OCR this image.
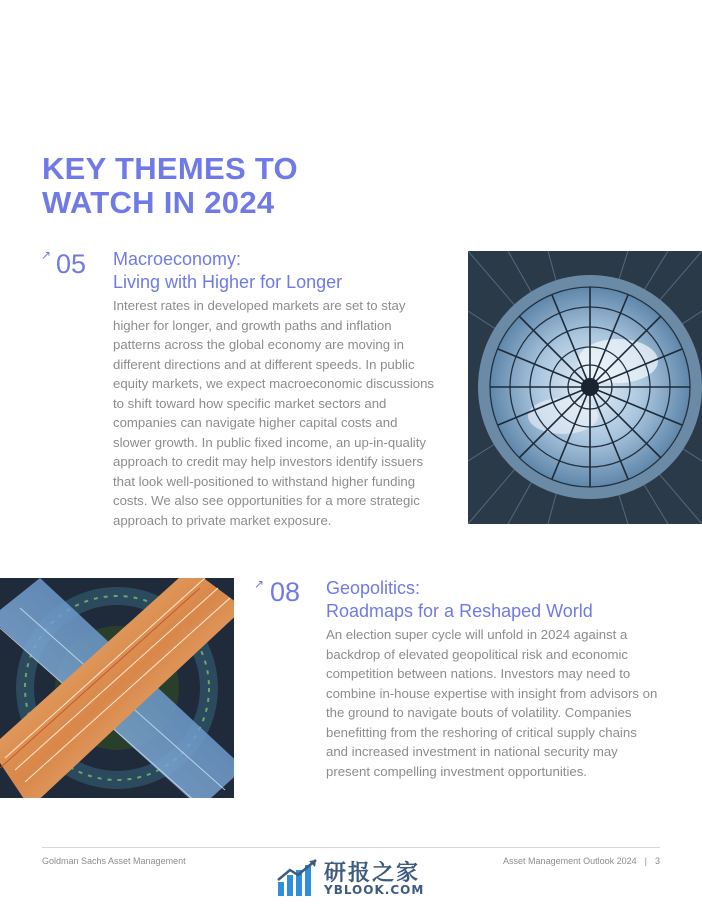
KEY THEMES TO
WATCH IN 2024
↗ 05 Macroeconomy:
Living with Higher for Longer

Interest rates in developed markets are set to stay higher for longer, and growth paths and inflation patterns across the global economy are moving in different directions and at different speeds. In public equity markets, we expect macroeconomic discussions to shift toward how specific market sectors and companies can navigate higher capital costs and slower growth. In public fixed income, an up-in-quality approach to credit may help investors identify issuers that look well-positioned to withstand higher funding costs. We also see opportunities for a more strategic approach to private market exposure.

↗ 08 Geopolitics:
Roadmaps for a Reshaped World

An election super cycle will unfold in 2024 against a backdrop of elevated geopolitical risk and economic competition between nations. Investors may need to combine in-house expertise with insight from advisors on the ground to navigate bouts of volatility. Companies benefitting from the reshoring of critical supply chains and increased investment in national security may present compelling investment opportunities.

Goldman Sachs Asset Management	Asset Management Outlook 2024 | 3
研报之家
YBLOOK.COM
